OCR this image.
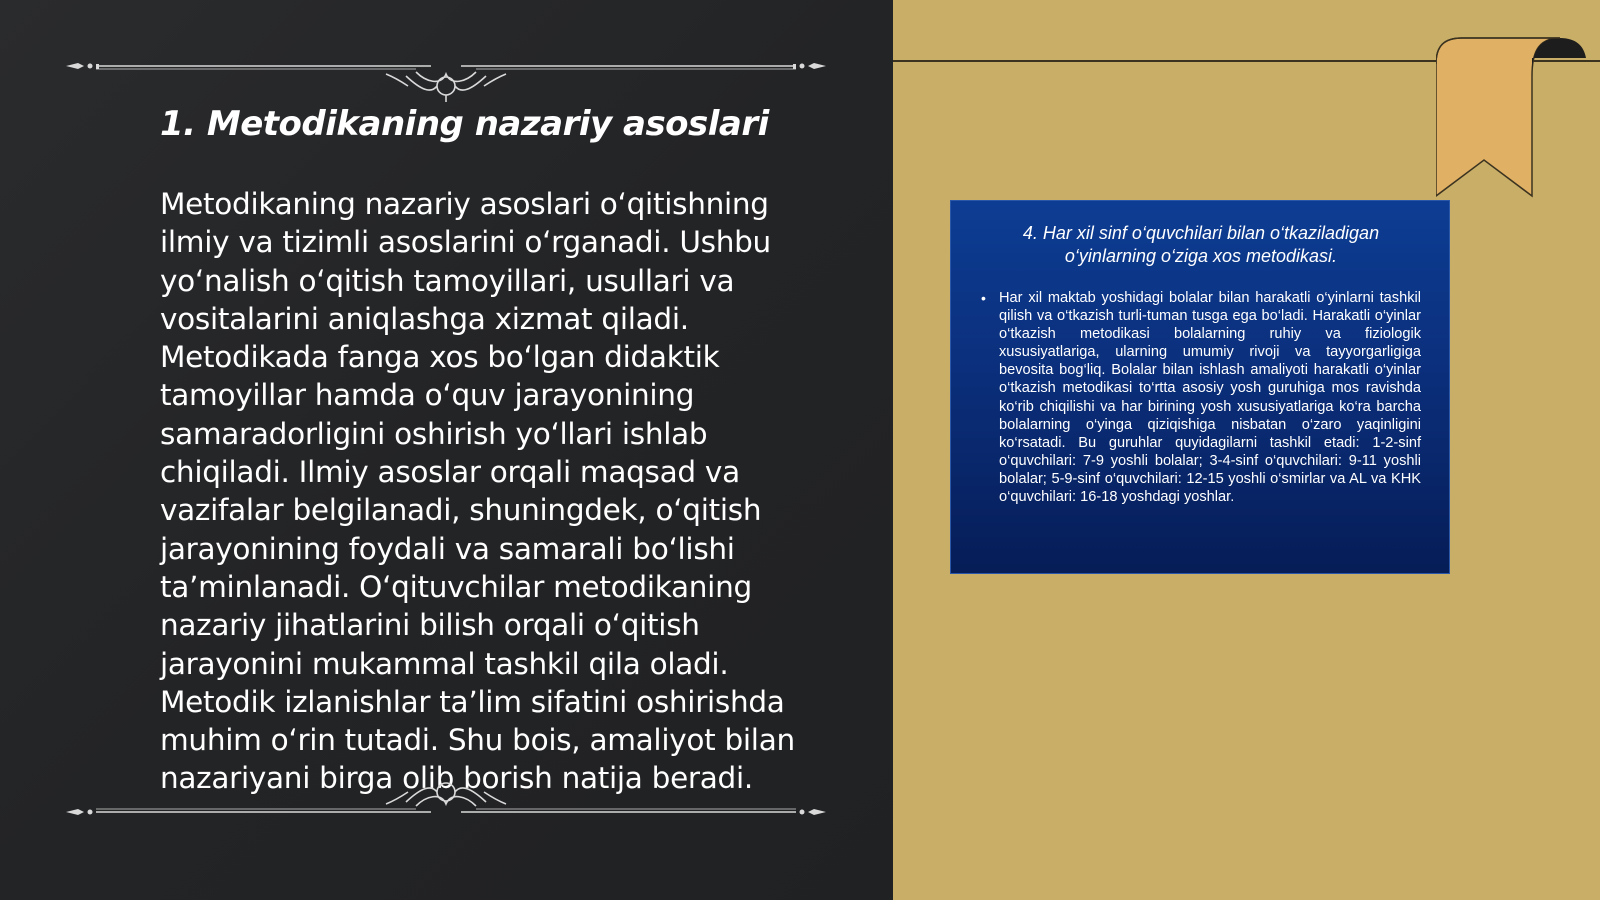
1. Metodikaning nazariy asoslari

Metodikaning nazariy asoslari oʻqitishning ilmiy va tizimli asoslarini oʻrganadi. Ushbu yoʻnalish oʻqitish tamoyillari, usullari va vositalarini aniqlashga xizmat qiladi. Metodikada fanga xos boʻlgan didaktik tamoyillar hamda oʻquv jarayonining samaradorligini oshirish yoʻllari ishlab chiqiladi. Ilmiy asoslar orqali maqsad va vazifalar belgilanadi, shuningdek, oʻqitish jarayonining foydali va samarali boʻlishi taʼminlanadi. Oʻqituvchilar metodikaning nazariy jihatlarini bilish orqali oʻqitish jarayonini mukammal tashkil qila oladi. Metodik izlanishlar taʼlim sifatini oshirishda muhim oʻrin tutadi. Shu bois, amaliyot bilan nazariyani birga olib borish natija beradi.

4. Har xil sinf o‘quvchilari bilan o‘tkaziladigan o‘yinlarning o‘ziga xos metodikasi.

• Har xil maktab yoshidagi bolalar bilan harakatli o‘yinlarni tashkil qilish va o‘tkazish turli-tuman tusga ega bo‘ladi. Harakatli o‘yinlar o‘tkazish metodikasi bolalarning ruhiy va fiziologik xususiyatlariga, ularning umumiy rivoji va tayyorgarligiga bevosita bog‘liq. Bolalar bilan ishlash amaliyoti harakatli o‘yinlar o‘tkazish metodikasi to‘rtta asosiy yosh guruhiga mos ravishda ko‘rib chiqilishi va har birining yosh xususiyatlariga ko‘ra barcha bolalarning o‘yinga qiziqishiga nisbatan o‘zaro yaqinligini ko‘rsatadi. Bu guruhlar quyidagilarni tashkil etadi: 1-2-sinf o‘quvchilari: 7-9 yoshli bolalar; 3-4-sinf o‘quvchilari: 9-11 yoshli bolalar; 5-9-sinf o‘quvchilari: 12-15 yoshli o‘smirlar va AL va KHK o‘quvchilari: 16-18 yoshdagi yoshlar.
